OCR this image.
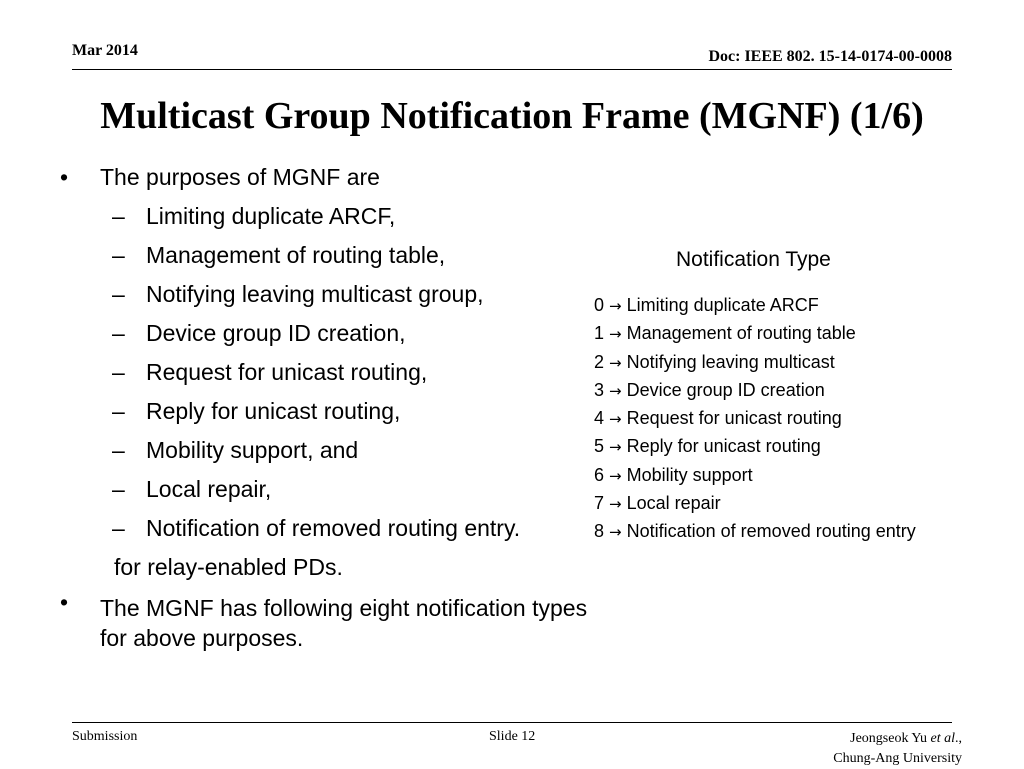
Mar 2014	Doc: IEEE 802. 15-14-0174-00-0008
Multicast Group Notification Frame (MGNF) (1/6)
• The purposes of MGNF are
– Limiting duplicate ARCF,
– Management of routing table,
– Notifying leaving multicast group,
– Device group ID creation,
– Request for unicast routing,
– Reply for unicast routing,
– Mobility support, and
– Local repair,
– Notification of removed routing entry.
for relay-enabled PDs.
• The MGNF has following eight notification types for above purposes.
Notification Type
0 → Limiting duplicate ARCF
1 → Management of routing table
2 → Notifying leaving multicast
3 → Device group ID creation
4 → Request for unicast routing
5 → Reply for unicast routing
6 → Mobility support
7 → Local repair
8 → Notification of removed routing entry
Submission	Slide 12	Jeongseok Yu et al.,
Chung-Ang University
